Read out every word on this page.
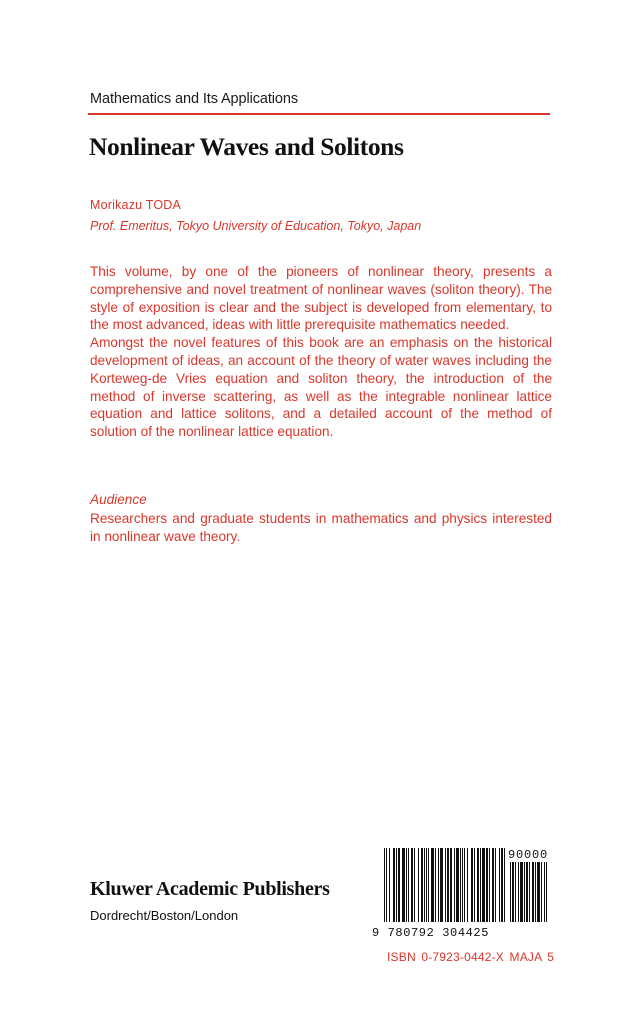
Mathematics and Its Applications
Nonlinear Waves and Solitons
Morikazu TODA
Prof. Emeritus, Tokyo University of Education, Tokyo, Japan

This volume, by one of the pioneers of nonlinear theory, presents a comprehensive and novel treatment of nonlinear waves (soliton theory). The style of exposition is clear and the subject is developed from elementary, to the most advanced, ideas with little prerequisite mathematics needed.

Amongst the novel features of this book are an emphasis on the historical development of ideas, an account of the theory of water waves including the Korteweg-de Vries equation and soliton theory, the introduction of the method of inverse scattering, as well as the integrable nonlinear lattice equation and lattice solitons, and a detailed account of the method of solution of the nonlinear lattice equation.

Audience
Researchers and graduate students in mathematics and physics interested in nonlinear wave theory.
Kluwer Academic Publishers
Dordrecht/Boston/London
9 780792 304425
90000
ISBN 0-7923-0442-X MAJA 5
